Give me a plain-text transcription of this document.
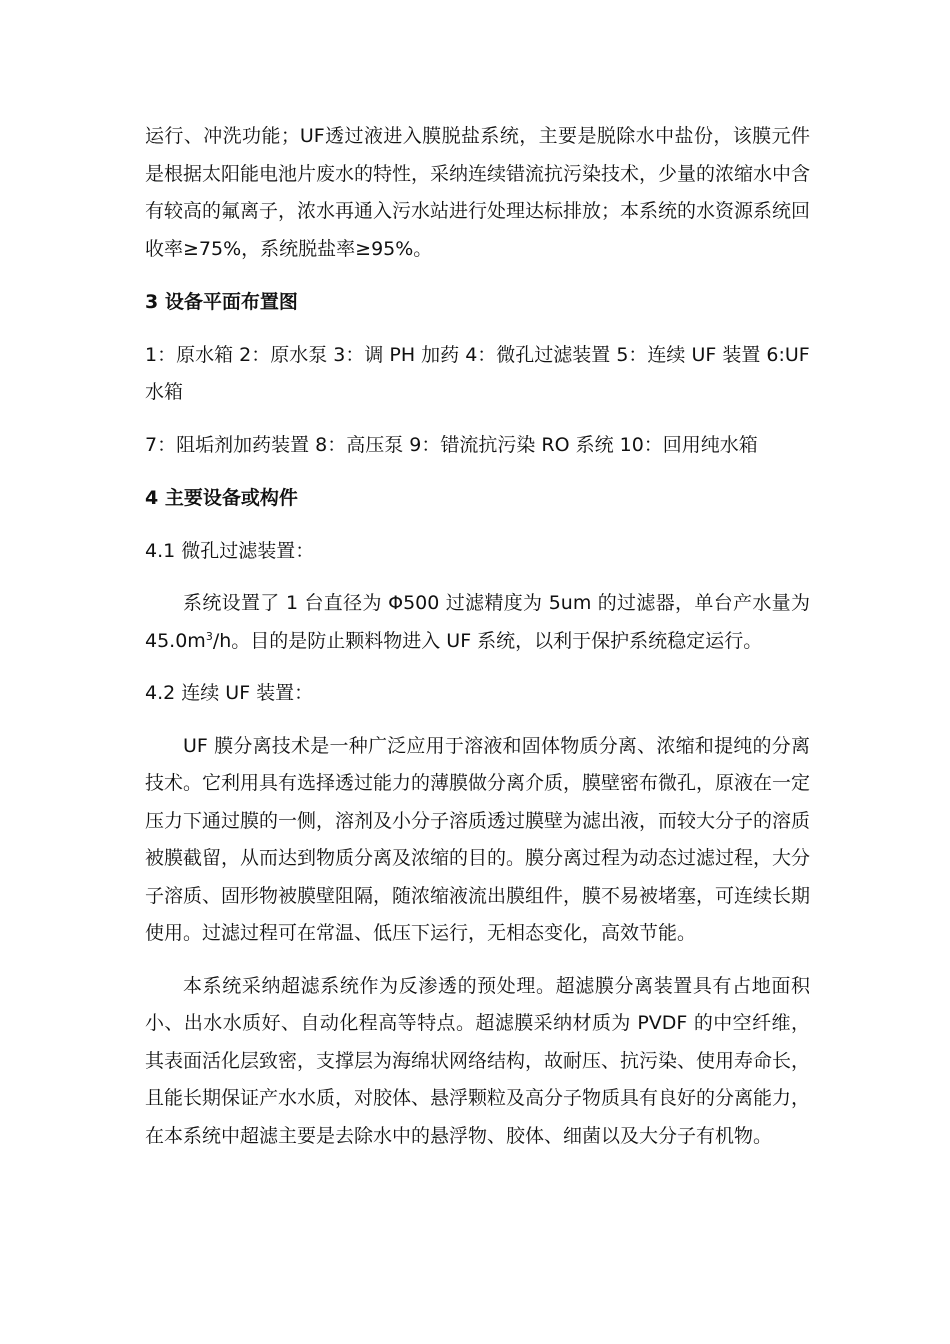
运行、冲洗功能；UF透过液进入膜脱盐系统，主要是脱除水中盐份，该膜元件是根据太阳能电池片废水的特性，采纳连续错流抗污染技术，少量的浓缩水中含有较高的氟离子，浓水再通入污水站进行处理达标排放；本系统的水资源系统回收率≥75%，系统脱盐率≥95%。

3 设备平面布置图

1：原水箱 2：原水泵 3：调 PH 加药 4：微孔过滤装置 5：连续 UF 装置 6:UF 水箱

7：阻垢剂加药装置 8：高压泵 9：错流抗污染 RO 系统 10：回用纯水箱

4 主要设备或构件

4.1 微孔过滤装置：

系统设置了 1 台直径为 Φ500 过滤精度为 5um 的过滤器，单台产水量为 $45.0m^3/h$。目的是防止颗料物进入 UF 系统，以利于保护系统稳定运行。

4.2 连续 UF 装置：

UF 膜分离技术是一种广泛应用于溶液和固体物质分离、浓缩和提纯的分离技术。它利用具有选择透过能力的薄膜做分离介质，膜壁密布微孔，原液在一定压力下通过膜的一侧，溶剂及小分子溶质透过膜壁为滤出液，而较大分子的溶质被膜截留，从而达到物质分离及浓缩的目的。膜分离过程为动态过滤过程，大分子溶质、固形物被膜壁阻隔，随浓缩液流出膜组件，膜不易被堵塞，可连续长期使用。过滤过程可在常温、低压下运行，无相态变化，高效节能。

本系统采纳超滤系统作为反渗透的预处理。超滤膜分离装置具有占地面积小、出水水质好、自动化程高等特点。超滤膜采纳材质为 PVDF 的中空纤维，其表面活化层致密，支撑层为海绵状网络结构，故耐压、抗污染、使用寿命长，且能长期保证产水水质，对胶体、悬浮颗粒及高分子物质具有良好的分离能力，在本系统中超滤主要是去除水中的悬浮物、胶体、细菌以及大分子有机物。
